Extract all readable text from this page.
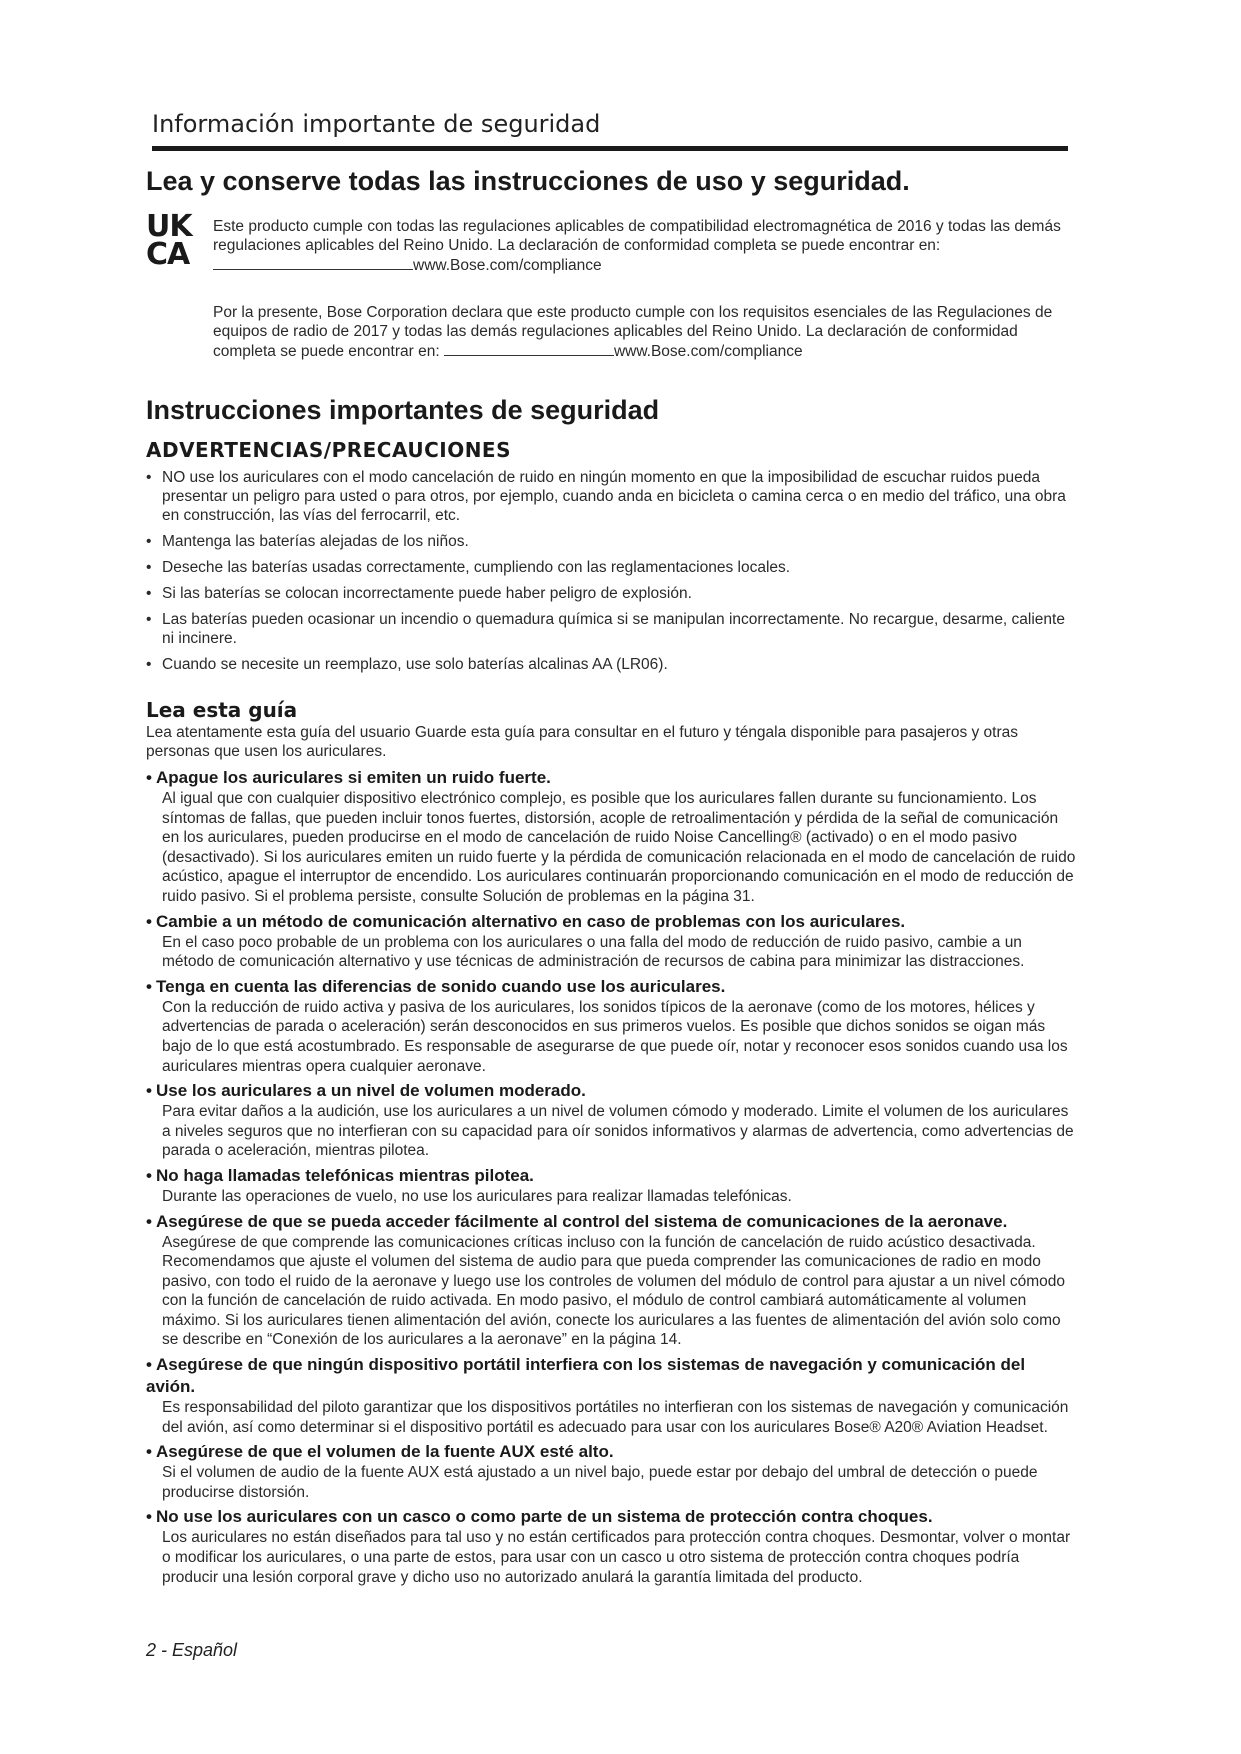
Información importante de seguridad
Lea y conserve todas las instrucciones de uso y seguridad.
UK
CA
Este producto cumple con todas las regulaciones aplicables de compatibilidad electromagnética de 2016 y todas las demás regulaciones aplicables del Reino Unido. La declaración de conformidad completa se puede encontrar en:
www.Bose.com/compliance
Por la presente, Bose Corporation declara que este producto cumple con los requisitos esenciales de las Regulaciones de equipos de radio de 2017 y todas las demás regulaciones aplicables del Reino Unido. La declaración de conformidad completa se puede encontrar en:	www.Bose.com/compliance
Instrucciones importantes de seguridad
ADVERTENCIAS/PRECAUCIONES
• NO use los auriculares con el modo cancelación de ruido en ningún momento en que la imposibilidad de escuchar ruidos pueda presentar un peligro para usted o para otros, por ejemplo, cuando anda en bicicleta o camina cerca o en medio del tráfico, una obra en construcción, las vías del ferrocarril, etc.
• Mantenga las baterías alejadas de los niños.
• Deseche las baterías usadas correctamente, cumpliendo con las reglamentaciones locales.
• Si las baterías se colocan incorrectamente puede haber peligro de explosión.
• Las baterías pueden ocasionar un incendio o quemadura química si se manipulan incorrectamente. No recargue, desarme, caliente ni incinere.
• Cuando se necesite un reemplazo, use solo baterías alcalinas AA (LR06).
Lea esta guía
Lea atentamente esta guía del usuario Guarde esta guía para consultar en el futuro y téngala disponible para pasajeros y otras personas que usen los auriculares.
• Apague los auriculares si emiten un ruido fuerte.
Al igual que con cualquier dispositivo electrónico complejo, es posible que los auriculares fallen durante su funcionamiento. Los síntomas de fallas, que pueden incluir tonos fuertes, distorsión, acople de retroalimentación y pérdida de la señal de comunicación en los auriculares, pueden producirse en el modo de cancelación de ruido Noise Cancelling® (activado) o en el modo pasivo (desactivado). Si los auriculares emiten un ruido fuerte y la pérdida de comunicación relacionada en el modo de cancelación de ruido acústico, apague el interruptor de encendido. Los auriculares continuarán proporcionando comunicación en el modo de reducción de ruido pasivo. Si el problema persiste, consulte Solución de problemas en la página 31.
• Cambie a un método de comunicación alternativo en caso de problemas con los auriculares.
En el caso poco probable de un problema con los auriculares o una falla del modo de reducción de ruido pasivo, cambie a un método de comunicación alternativo y use técnicas de administración de recursos de cabina para minimizar las distracciones.
• Tenga en cuenta las diferencias de sonido cuando use los auriculares.
Con la reducción de ruido activa y pasiva de los auriculares, los sonidos típicos de la aeronave (como de los motores, hélices y advertencias de parada o aceleración) serán desconocidos en sus primeros vuelos. Es posible que dichos sonidos se oigan más bajo de lo que está acostumbrado. Es responsable de asegurarse de que puede oír, notar y reconocer esos sonidos cuando usa los auriculares mientras opera cualquier aeronave.
• Use los auriculares a un nivel de volumen moderado.
Para evitar daños a la audición, use los auriculares a un nivel de volumen cómodo y moderado. Limite el volumen de los auriculares a niveles seguros que no interfieran con su capacidad para oír sonidos informativos y alarmas de advertencia, como advertencias de parada o aceleración, mientras pilotea.
• No haga llamadas telefónicas mientras pilotea.
Durante las operaciones de vuelo, no use los auriculares para realizar llamadas telefónicas.
• Asegúrese de que se pueda acceder fácilmente al control del sistema de comunicaciones de la aeronave.
Asegúrese de que comprende las comunicaciones críticas incluso con la función de cancelación de ruido acústico desactivada. Recomendamos que ajuste el volumen del sistema de audio para que pueda comprender las comunicaciones de radio en modo pasivo, con todo el ruido de la aeronave y luego use los controles de volumen del módulo de control para ajustar a un nivel cómodo con la función de cancelación de ruido activada. En modo pasivo, el módulo de control cambiará automáticamente al volumen máximo. Si los auriculares tienen alimentación del avión, conecte los auriculares a las fuentes de alimentación del avión solo como se describe en “Conexión de los auriculares a la aeronave” en la página 14.
• Asegúrese de que ningún dispositivo portátil interfiera con los sistemas de navegación y comunicación del avión.
Es responsabilidad del piloto garantizar que los dispositivos portátiles no interfieran con los sistemas de navegación y comunicación del avión, así como determinar si el dispositivo portátil es adecuado para usar con los auriculares Bose® A20® Aviation Headset.
• Asegúrese de que el volumen de la fuente AUX esté alto.
Si el volumen de audio de la fuente AUX está ajustado a un nivel bajo, puede estar por debajo del umbral de detección o puede producirse distorsión.
• No use los auriculares con un casco o como parte de un sistema de protección contra choques.
Los auriculares no están diseñados para tal uso y no están certificados para protección contra choques. Desmontar, volver o montar o modificar los auriculares, o una parte de estos, para usar con un casco u otro sistema de protección contra choques podría producir una lesión corporal grave y dicho uso no autorizado anulará la garantía limitada del producto.
2 - Español
